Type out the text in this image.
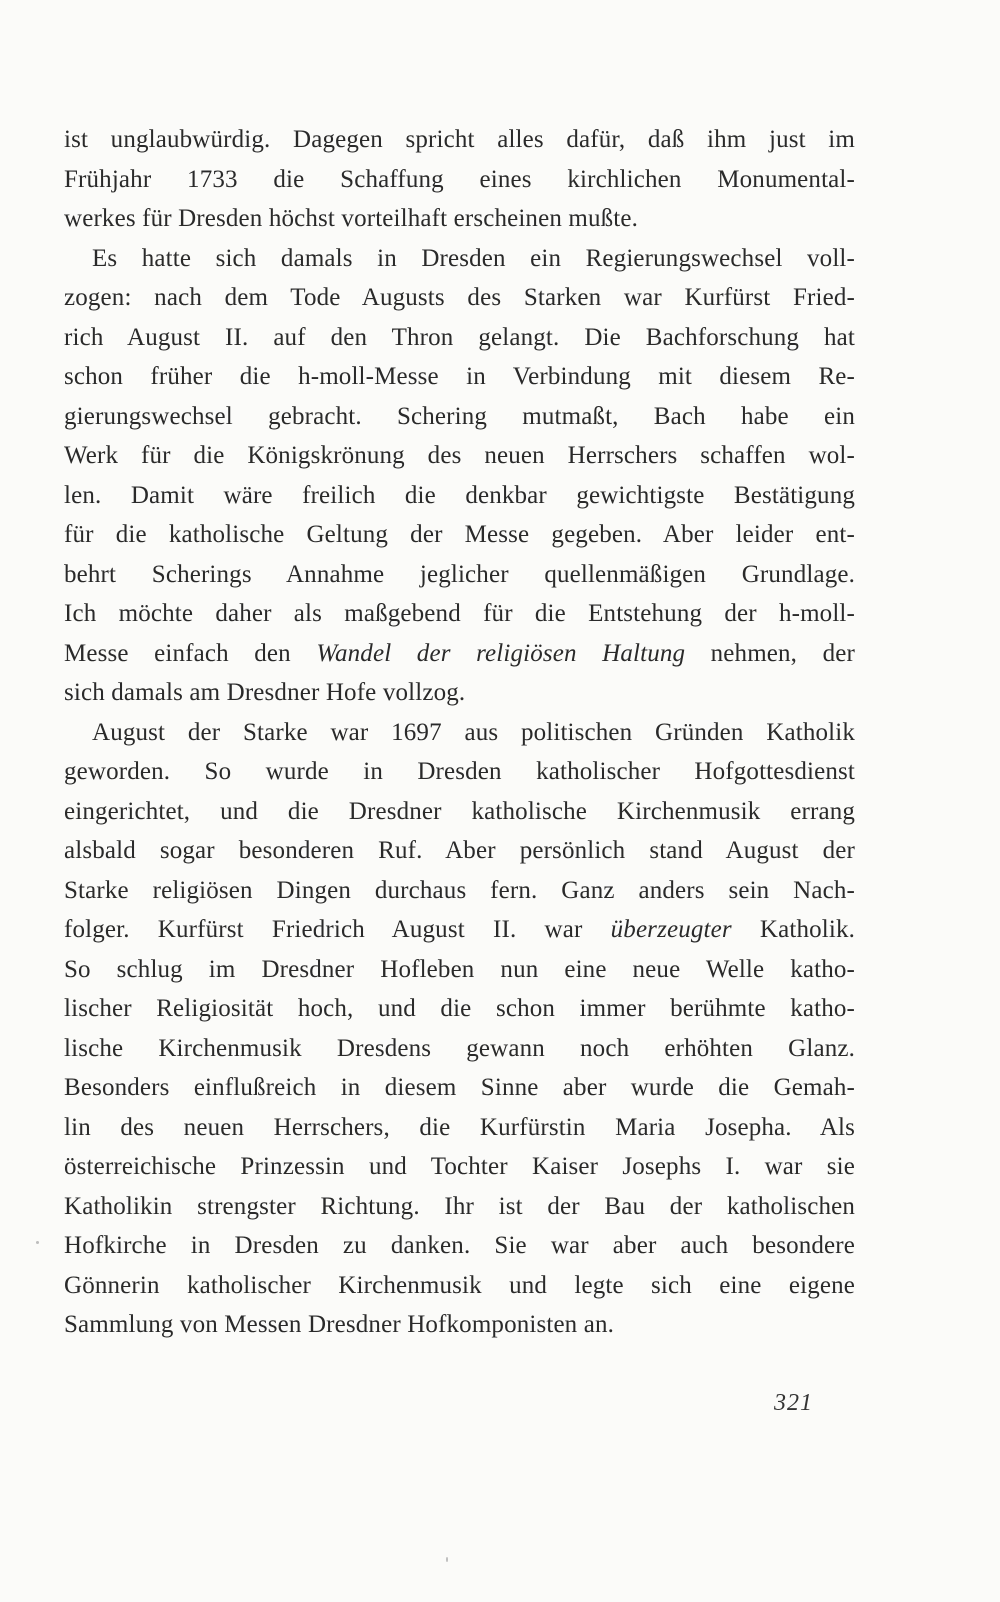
ist unglaubwürdig. Dagegen spricht alles dafür, daß ihm just im
Frühjahr 1733 die Schaffung eines kirchlichen Monumental-
werkes für Dresden höchst vorteilhaft erscheinen mußte.
Es hatte sich damals in Dresden ein Regierungswechsel voll-
zogen: nach dem Tode Augusts des Starken war Kurfürst Fried-
rich August II. auf den Thron gelangt. Die Bachforschung hat
schon früher die h-moll-Messe in Verbindung mit diesem Re-
gierungswechsel gebracht. Schering mutmaßt, Bach habe ein
Werk für die Königskrönung des neuen Herrschers schaffen wol-
len. Damit wäre freilich die denkbar gewichtigste Bestätigung
für die katholische Geltung der Messe gegeben. Aber leider ent-
behrt Scherings Annahme jeglicher quellenmäßigen Grundlage.
Ich möchte daher als maßgebend für die Entstehung der h-moll-
Messe einfach den Wandel der religiösen Haltung nehmen, der
sich damals am Dresdner Hofe vollzog.
August der Starke war 1697 aus politischen Gründen Katholik
geworden. So wurde in Dresden katholischer Hofgottesdienst
eingerichtet, und die Dresdner katholische Kirchenmusik errang
alsbald sogar besonderen Ruf. Aber persönlich stand August der
Starke religiösen Dingen durchaus fern. Ganz anders sein Nach-
folger. Kurfürst Friedrich August II. war überzeugter Katholik.
So schlug im Dresdner Hofleben nun eine neue Welle katho-
lischer Religiosität hoch, und die schon immer berühmte katho-
lische Kirchenmusik Dresdens gewann noch erhöhten Glanz.
Besonders einflußreich in diesem Sinne aber wurde die Gemah-
lin des neuen Herrschers, die Kurfürstin Maria Josepha. Als
österreichische Prinzessin und Tochter Kaiser Josephs I. war sie
Katholikin strengster Richtung. Ihr ist der Bau der katholischen
Hofkirche in Dresden zu danken. Sie war aber auch besondere
Gönnerin katholischer Kirchenmusik und legte sich eine eigene
Sammlung von Messen Dresdner Hofkomponisten an.
321
